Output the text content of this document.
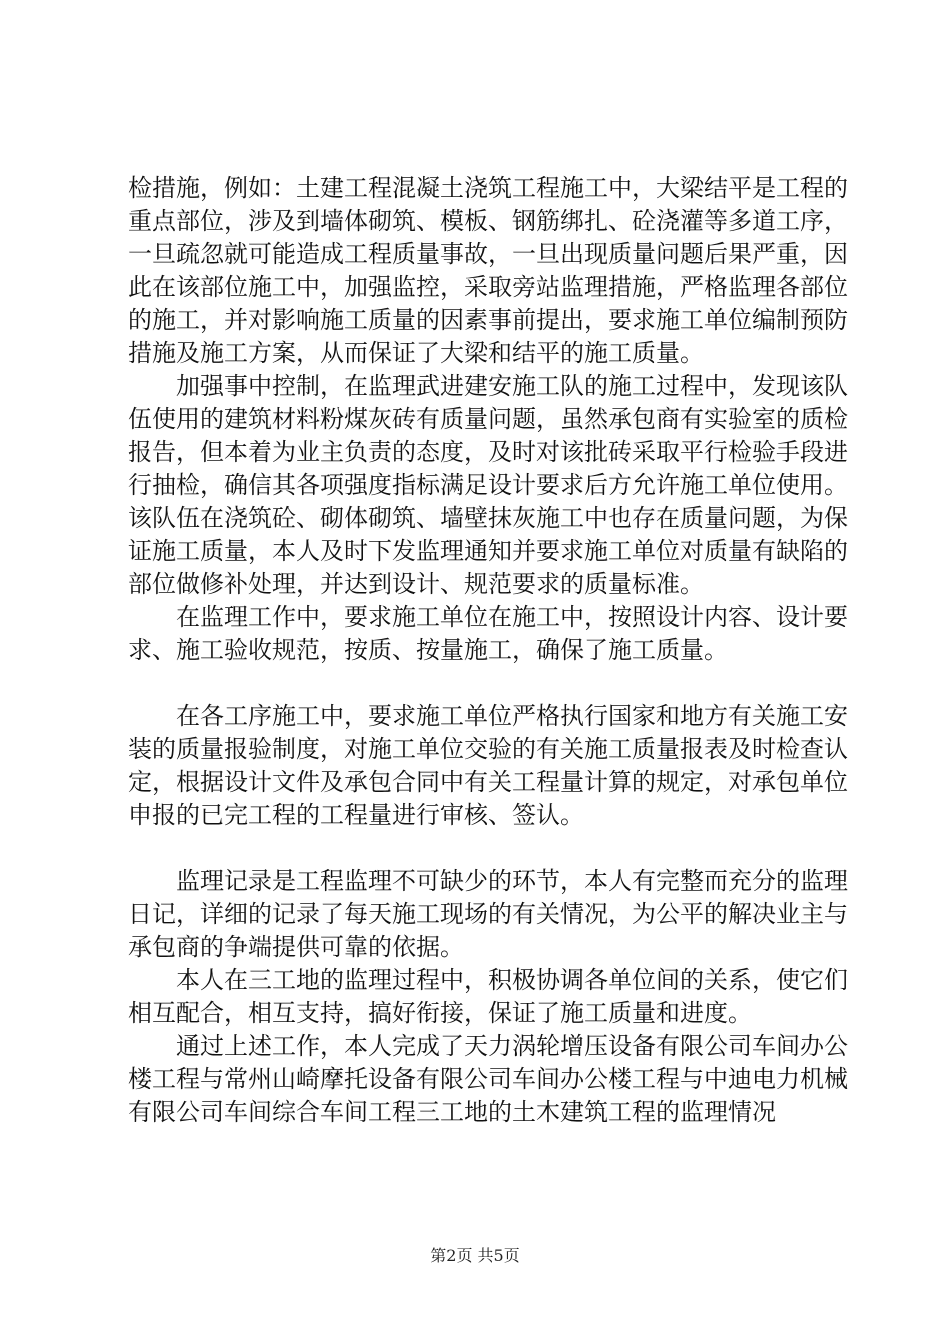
检措施，例如：土建工程混凝土浇筑工程施工中，大梁结平是工程的重点部位，涉及到墙体砌筑、模板、钢筋绑扎、砼浇灌等多道工序，一旦疏忽就可能造成工程质量事故，一旦出现质量问题后果严重，因此在该部位施工中，加强监控，采取旁站监理措施，严格监理各部位的施工，并对影响施工质量的因素事前提出，要求施工单位编制预防措施及施工方案，从而保证了大梁和结平的施工质量。

加强事中控制，在监理武进建安施工队的施工过程中，发现该队伍使用的建筑材料粉煤灰砖有质量问题，虽然承包商有实验室的质检报告，但本着为业主负责的态度，及时对该批砖采取平行检验手段进行抽检，确信其各项强度指标满足设计要求后方允许施工单位使用。该队伍在浇筑砼、砌体砌筑、墙壁抹灰施工中也存在质量问题，为保证施工质量，本人及时下发监理通知并要求施工单位对质量有缺陷的部位做修补处理，并达到设计、规范要求的质量标准。

在监理工作中，要求施工单位在施工中，按照设计内容、设计要求、施工验收规范，按质、按量施工，确保了施工质量。

在各工序施工中，要求施工单位严格执行国家和地方有关施工安装的质量报验制度，对施工单位交验的有关施工质量报表及时检查认定，根据设计文件及承包合同中有关工程量计算的规定，对承包单位申报的已完工程的工程量进行审核、签认。

监理记录是工程监理不可缺少的环节，本人有完整而充分的监理日记，详细的记录了每天施工现场的有关情况，为公平的解决业主与承包商的争端提供可靠的依据。

本人在三工地的监理过程中，积极协调各单位间的关系，使它们相互配合，相互支持，搞好衔接，保证了施工质量和进度。

通过上述工作，本人完成了天力涡轮增压设备有限公司车间办公楼工程与常州山崎摩托设备有限公司车间办公楼工程与中迪电力机械有限公司车间综合车间工程三工地的土木建筑工程的监理情况

第2页 共5页
